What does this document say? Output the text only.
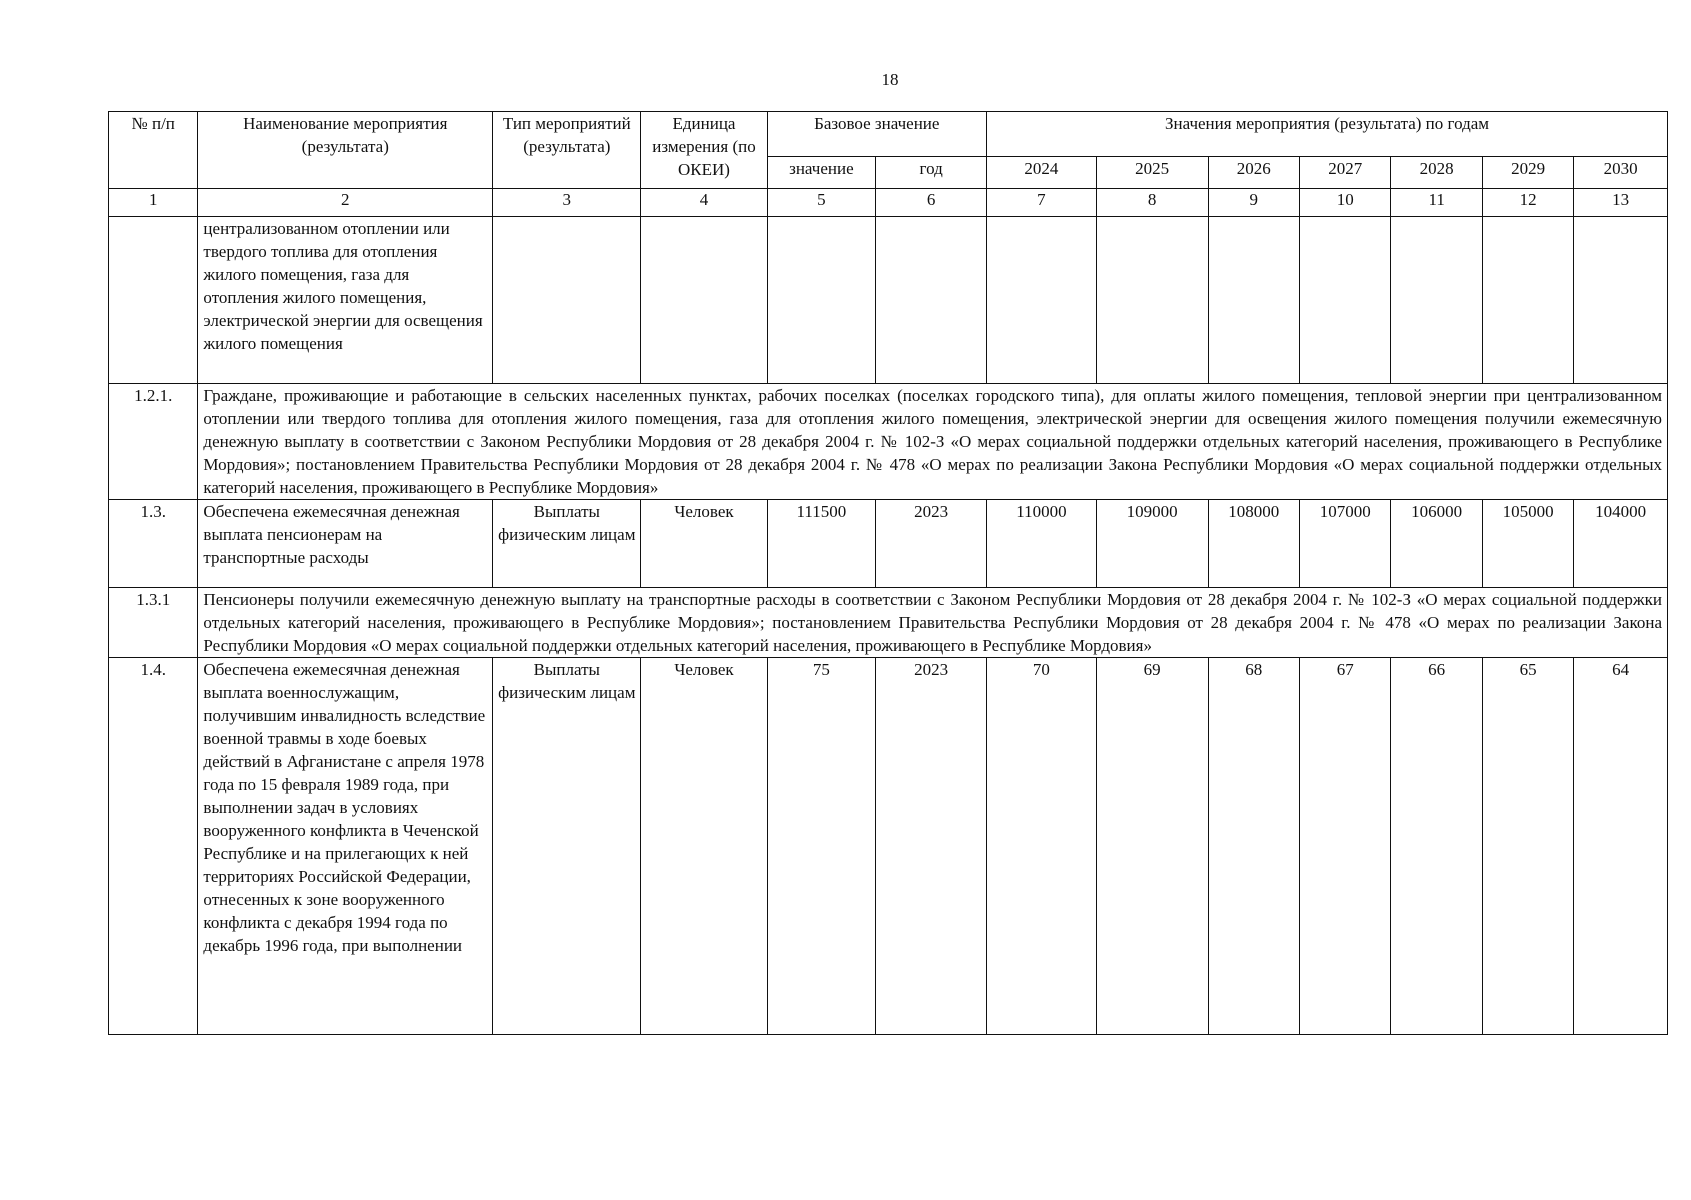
18
№ п/п	Наименование мероприятия (результата)	Тип мероприятий (результата)	Единица измерения (по ОКЕИ)	Базовое значение		Значения мероприятия (результата) по годам						
				значение	год	2024	2025	2026	2027	2028	2029	2030
1	2	3	4	5	6	7	8	9	10	11	12	13
	централизованном отоплении или твердого топлива для отопления жилого помещения, газа для отопления жилого помещения, электрической энергии для освещения жилого помещения											
1.2.1.	Граждане, проживающие и работающие в сельских населенных пунктах, рабочих поселках (поселках городского типа), для оплаты жилого помещения, тепловой энергии при централизованном отоплении или твердого топлива для отопления жилого помещения, газа для отопления жилого помещения, электрической энергии для освещения жилого помещения получили ежемесячную денежную выплату в соответствии с Законом Республики Мордовия от 28 декабря 2004 г. № 102-З «О мерах социальной поддержки отдельных категорий населения, проживающего в Республике Мордовия»; постановлением Правительства Республики Мордовия от 28 декабря 2004 г. № 478 «О мерах по реализации Закона Республики Мордовия «О мерах социальной поддержки отдельных категорий населения, проживающего в Республике Мордовия»											
1.3.	Обеспечена ежемесячная денежная выплата пенсионерам на транспортные расходы	Выплаты физическим лицам	Человек	111500	2023	110000	109000	108000	107000	106000	105000	104000
1.3.1	Пенсионеры получили ежемесячную денежную выплату на транспортные расходы в соответствии с Законом Республики Мордовия от 28 декабря 2004 г. № 102-З «О мерах социальной поддержки отдельных категорий населения, проживающего в Республике Мордовия»; постановлением Правительства Республики Мордовия от 28 декабря 2004 г. № 478 «О мерах по реализации Закона Республики Мордовия «О мерах социальной поддержки отдельных категорий населения, проживающего в Республике Мордовия»											
1.4.	Обеспечена ежемесячная денежная выплата военнослужащим, получившим инвалидность вследствие военной травмы в ходе боевых действий в Афганистане с апреля 1978 года по 15 февраля 1989 года, при выполнении задач в условиях вооруженного конфликта в Чеченской Республике и на прилегающих к ней территориях Российской Федерации, отнесенных к зоне вооруженного конфликта с декабря 1994 года по декабрь 1996 года, при выполнении	Выплаты физическим лицам	Человек	75	2023	70	69	68	67	66	65	64
